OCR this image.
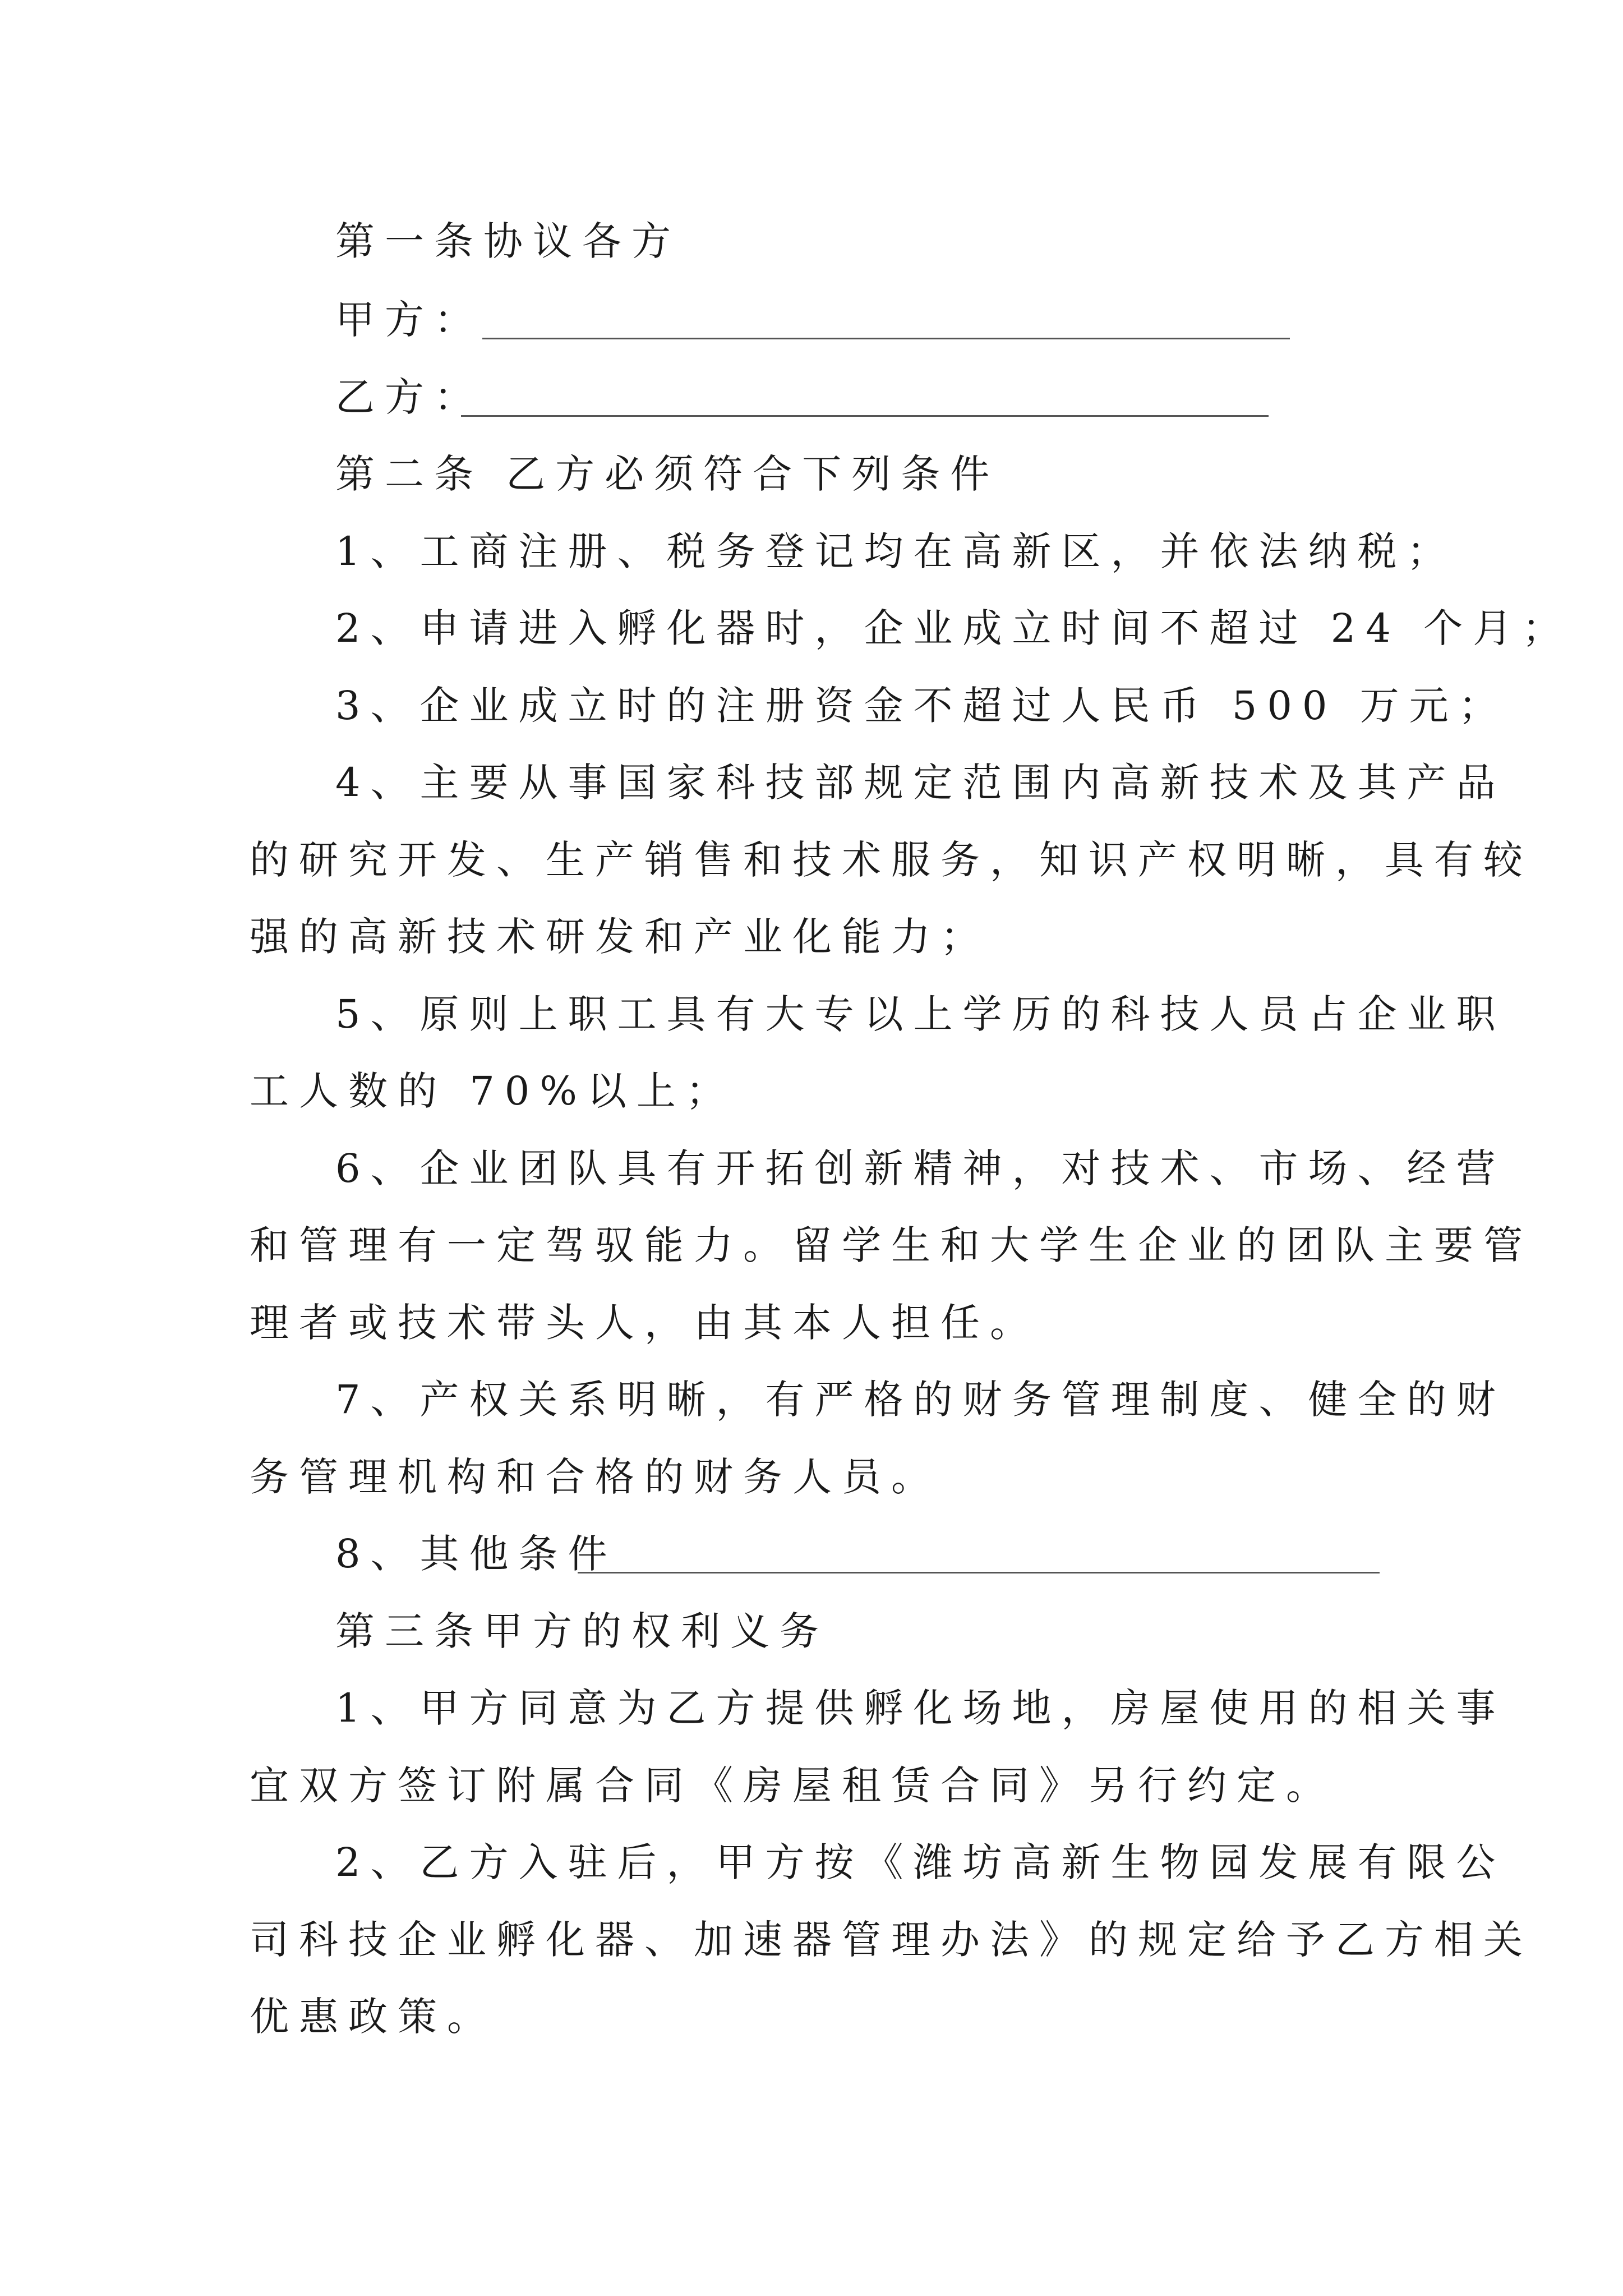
第一条协议各方
甲方：
乙方：
第二条 乙方必须符合下列条件
1、工商注册、税务登记均在高新区，并依法纳税；
2、申请进入孵化器时，企业成立时间不超过 24 个月；
3、企业成立时的注册资金不超过人民币 500 万元；
4、主要从事国家科技部规定范围内高新技术及其产品
的研究开发、生产销售和技术服务，知识产权明晰，具有较
强的高新技术研发和产业化能力；
5、原则上职工具有大专以上学历的科技人员占企业职
工人数的 70%以上；
6、企业团队具有开拓创新精神，对技术、市场、经营
和管理有一定驾驭能力。留学生和大学生企业的团队主要管
理者或技术带头人，由其本人担任。
7、产权关系明晰，有严格的财务管理制度、健全的财
务管理机构和合格的财务人员。
8、其他条件
第三条甲方的权利义务
1、甲方同意为乙方提供孵化场地，房屋使用的相关事
宜双方签订附属合同《房屋租赁合同》另行约定。
2、乙方入驻后，甲方按《潍坊高新生物园发展有限公
司科技企业孵化器、加速器管理办法》的规定给予乙方相关
优惠政策。
